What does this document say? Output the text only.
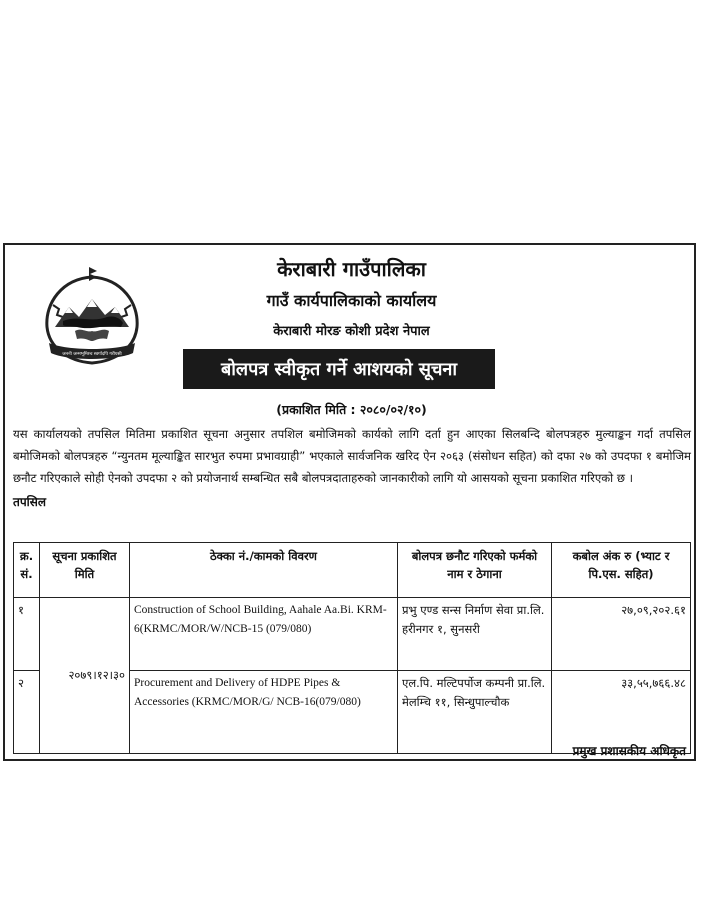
जननी जन्मभूमिश्च स्वर्गादपि गरीयसी
केराबारी गाउँपालिका
गाउँ कार्यपालिकाको कार्यालय
केराबारी मोरङ कोशी प्रदेश नेपाल
बोलपत्र स्वीकृत गर्ने आशयको सूचना
(प्रकाशित मिति : २०८०/०२/१०)
यस कार्यालयको तपसिल मितिमा प्रकाशित सूचना अनुसार तपशिल बमोजिमको कार्यको लागि दर्ता हुन आएका सिलबन्दि बोलपत्रहरु मुल्याङ्कन गर्दा तपसिल बमोजिमको बोलपत्रहरु “न्युनतम मूल्याङ्कित सारभुत रुपमा प्रभावग्राही” भएकाले सार्वजनिक खरिद ऐन २०६३ (संसोधन सहित) को दफा २७ को उपदफा १ बमोजिम छनौट गरिएकाले सोही ऐनको उपदफा २ को प्रयोजनार्थ सम्बन्धित सबै बोलपत्रदाताहरुको जानकारीको लागि यो आसयको सूचना प्रकाशित गरिएको छ ।
तपसिल
क्र. सं.	सूचना प्रकाशित मिति	ठेक्का नं./कामको विवरण	बोलपत्र छनौट गरिएको फर्मको नाम र ठेगाना	कबोल अंक रु (भ्याट र पि.एस. सहित)
१	२०७९।१२।३०	Construction of School Building, Aahale Aa.Bi. KRM-6(KRMC/MOR/W/NCB-15 (079/080)	प्रभु एण्ड सन्स निर्माण सेवा प्रा.लि. हरीनगर १, सुनसरी	२७,०९,२०२.६१
२		Procurement and Delivery of HDPE Pipes & Accessories (KRMC/MOR/G/ NCB-16(079/080)	एल.पि. मल्टिपर्पोज कम्पनी प्रा.लि. मेलम्चि ११, सिन्धुपाल्चौक	३३,५५,७६६.४८
प्रमुख प्रशासकीय अधिकृत
